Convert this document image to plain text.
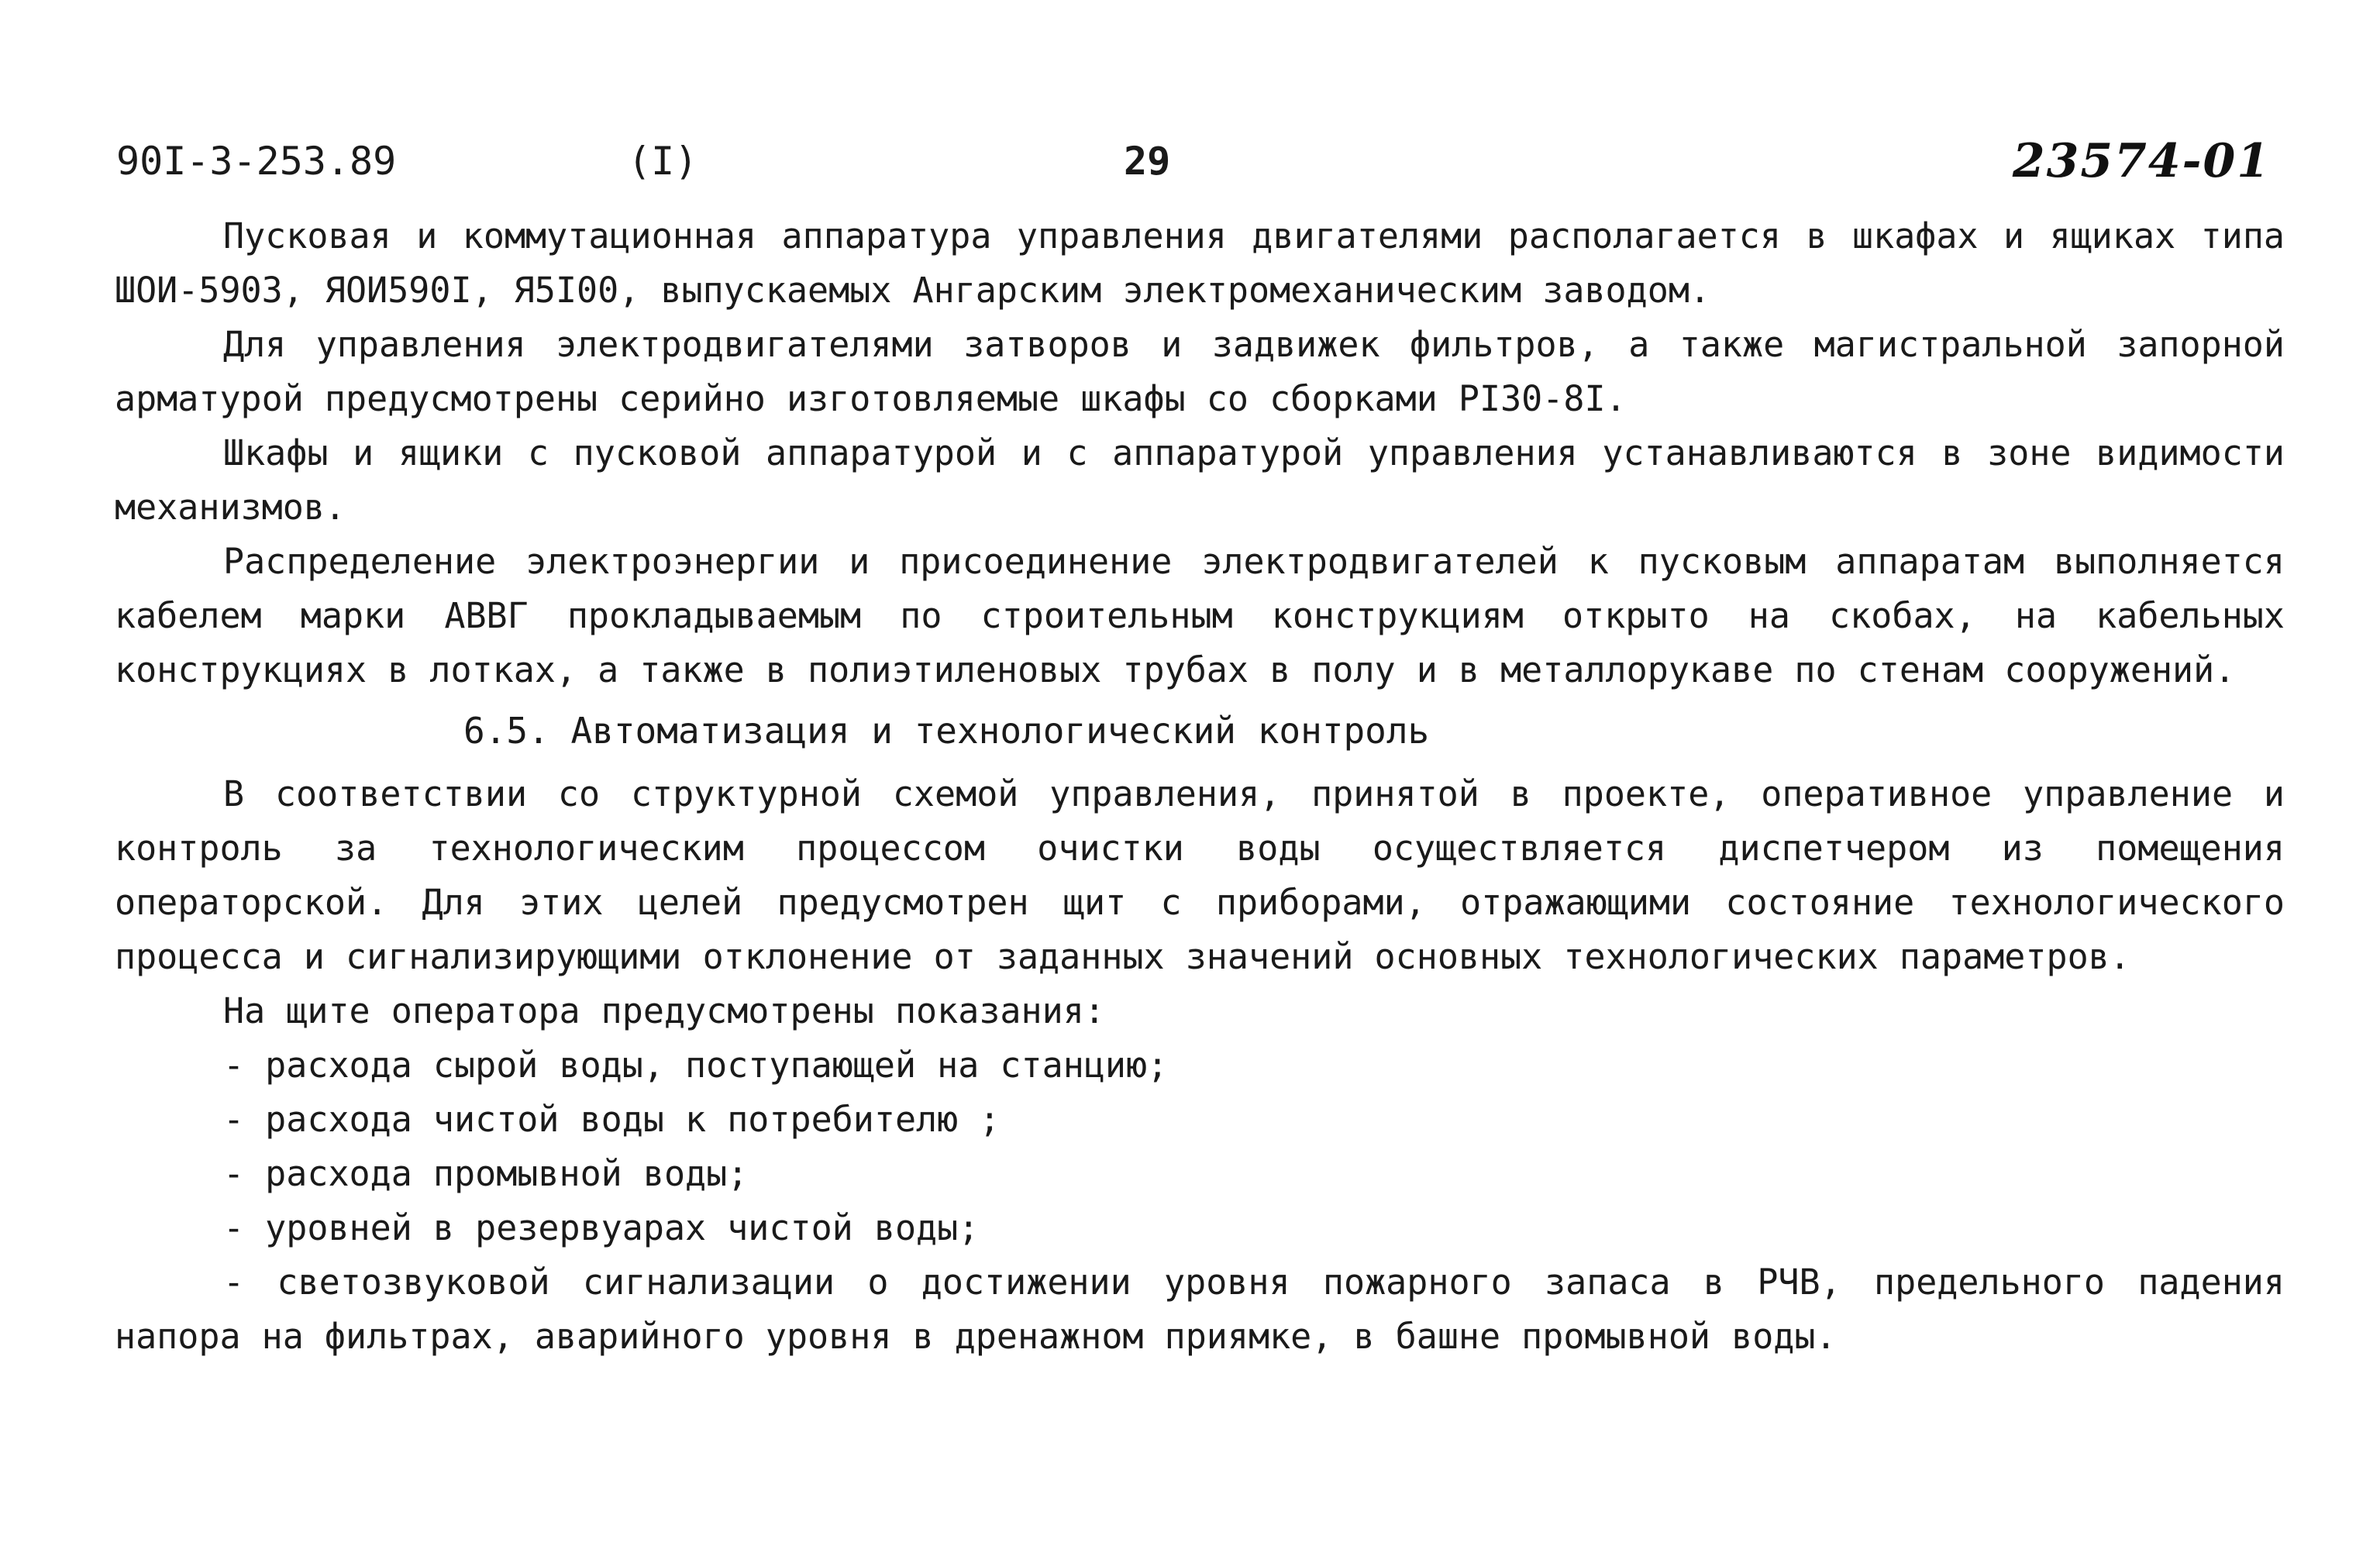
90I-3-253.89	(I)	29	23574-01

Пусковая и коммутационная аппаратура управления двигателями располагается в шкафах и ящиках типа ШОИ-5903, ЯОИ590I, Я5I00, выпускаемых Ангарским электромеханическим заводом.

Для управления электродвигателями затворов и задвижек фильтров, а также магистральной запорной арматурой предусмотрены серийно изготовляемые шкафы со сборками PI30-8I.

Шкафы и ящики с пусковой аппаратурой и с аппаратурой управления устанавливаются в зоне видимости механизмов.

Распределение электроэнергии и присоединение электродвигателей к пусковым аппаратам выполняется кабелем марки АВВГ прокладываемым по строительным конструкциям открыто на скобах, на кабельных конструкциях в лотках, а также в полиэтиленовых трубах в полу и в металлорукаве по стенам сооружений.

6.5. Автоматизация и технологический контроль

В соответствии со структурной схемой управления, принятой в проекте, оперативное управление и контроль за технологическим процессом очистки воды осуществляется диспетчером из помещения операторской. Для этих целей предусмотрен щит с приборами, отражающими состояние технологического процесса и сигнализирующими отклонение от заданных значений основных технологических параметров.

На щите оператора предусмотрены показания:

- расхода сырой воды, поступающей на станцию;
- расхода чистой воды к потребителю ;
- расхода промывной воды;
- уровней в резервуарах чистой воды;
- светозвуковой сигнализации о достижении уровня пожарного запаса в РЧВ, предельного падения напора на фильтрах, аварийного уровня в дренажном приямке, в башне промывной воды.
